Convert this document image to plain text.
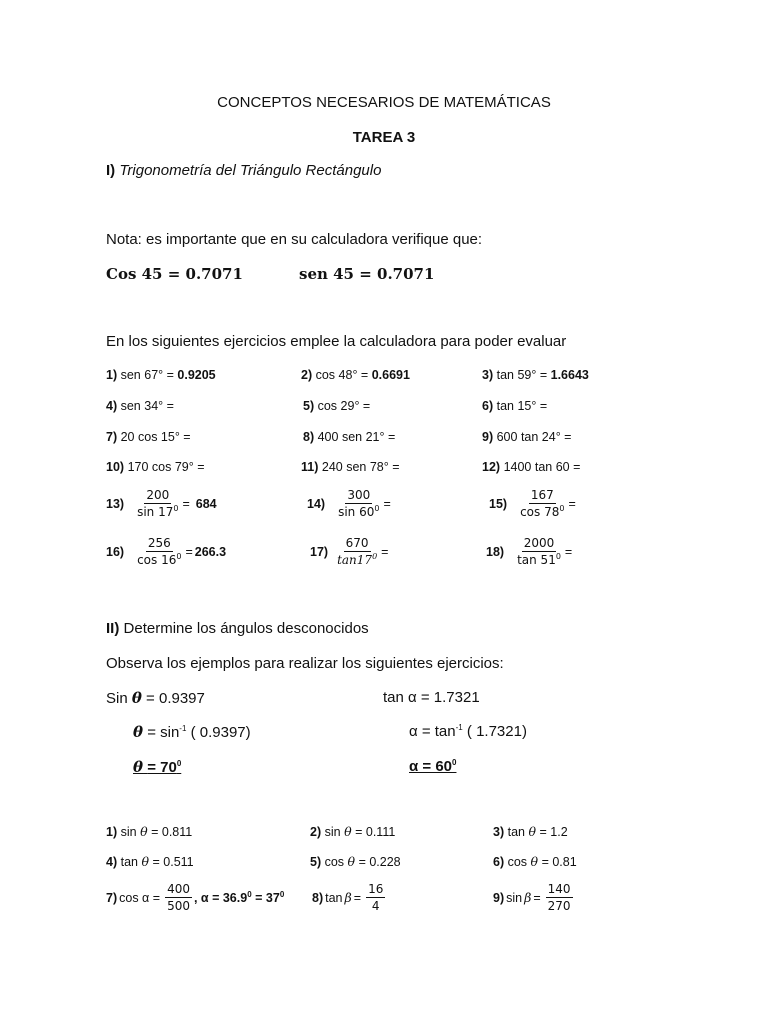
CONCEPTOS NECESARIOS DE MATEMÁTICAS
TAREA 3
I) Trigonometría del Triángulo Rectángulo
Nota: es importante que en su calculadora verifique que:
Cos 45 = 0.7071	sen 45 = 0.7071
En los siguientes ejercicios emplee la calculadora para poder evaluar
1) sen 67° = 0.9205	2) cos 48° = 0.6691	3) tan 59° = 1.6643
4) sen 34° =	5) cos 29° =	6) tan 15° =
7) 20 cos 15° =	8) 400 sen 21° =	9) 600 tan 24° =
10) 170 cos 79° =	11) 240 sen 78° =	12) 1400 tan 60 =
$13) \frac{200}{\sin 17^0} = 684$	$14) \frac{300}{\sin 60^0}$ =	$15) \frac{167}{\cos 78^0}$ =
$16) \frac{256}{\cos 16^0} = 266.3$	$17) \frac{670}{\tan 17^0}$ =	$18) \frac{2000}{\tan 51^0}$ =
II) Determine los ángulos desconocidos
Observa los ejemplos para realizar los siguientes ejercicios:
Sin θ = 0.9397
$\theta = \sin^{-1}$ ( 0.9397)
$\theta = 70^0$
tan α = 1.7321
$\alpha = \tan^{-1}$ ( 1.7321)
$\alpha = 60^0$
1) sin θ = 0.811	2) sin θ = 0.111	3) tan θ = 1.2
4) tan θ = 0.511	5) cos θ = 0.228	6) cos θ = 0.81
7) $\cos \alpha = \frac{400}{500}$ , $\alpha = 36.9^0 = 37^0$ 8) $\tan \beta = \frac{16}{4}$	9) $\sin \beta = \frac{140}{270}$
